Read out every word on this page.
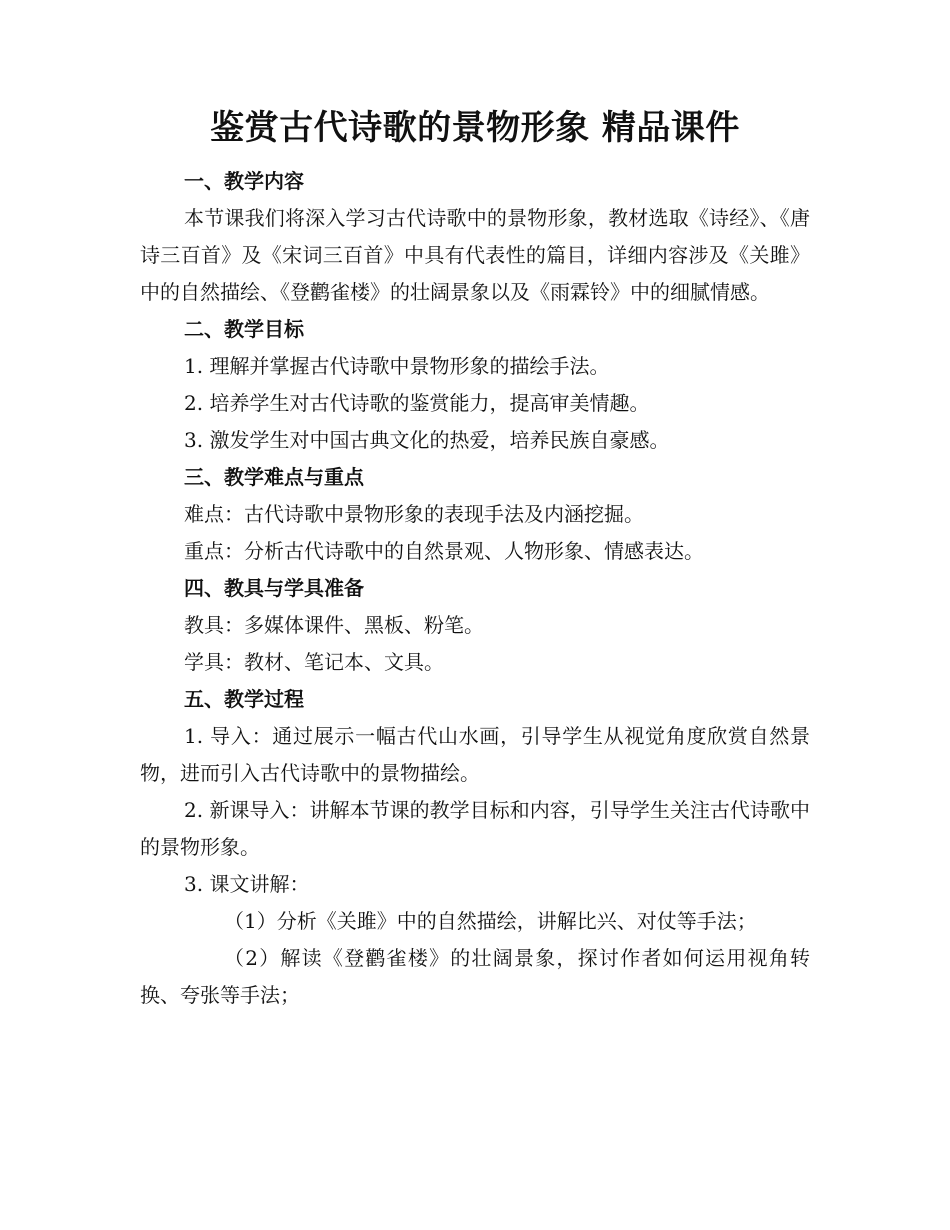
鉴赏古代诗歌的景物形象 精品课件
一、教学内容

本节课我们将深入学习古代诗歌中的景物形象，教材选取《诗经》、《唐诗三百首》及《宋词三百首》中具有代表性的篇目，详细内容涉及《关雎》中的自然描绘、《登鹳雀楼》的壮阔景象以及《雨霖铃》中的细腻情感。

二、教学目标

1. 理解并掌握古代诗歌中景物形象的描绘手法。

2. 培养学生对古代诗歌的鉴赏能力，提高审美情趣。

3. 激发学生对中国古典文化的热爱，培养民族自豪感。

三、教学难点与重点

难点：古代诗歌中景物形象的表现手法及内涵挖掘。

重点：分析古代诗歌中的自然景观、人物形象、情感表达。

四、教具与学具准备

教具：多媒体课件、黑板、粉笔。

学具：教材、笔记本、文具。

五、教学过程

1. 导入：通过展示一幅古代山水画，引导学生从视觉角度欣赏自然景物，进而引入古代诗歌中的景物描绘。

2. 新课导入：讲解本节课的教学目标和内容，引导学生关注古代诗歌中的景物形象。

3. 课文讲解：

（1）分析《关雎》中的自然描绘，讲解比兴、对仗等手法；

（2）解读《登鹳雀楼》的壮阔景象，探讨作者如何运用视角转换、夸张等手法；
